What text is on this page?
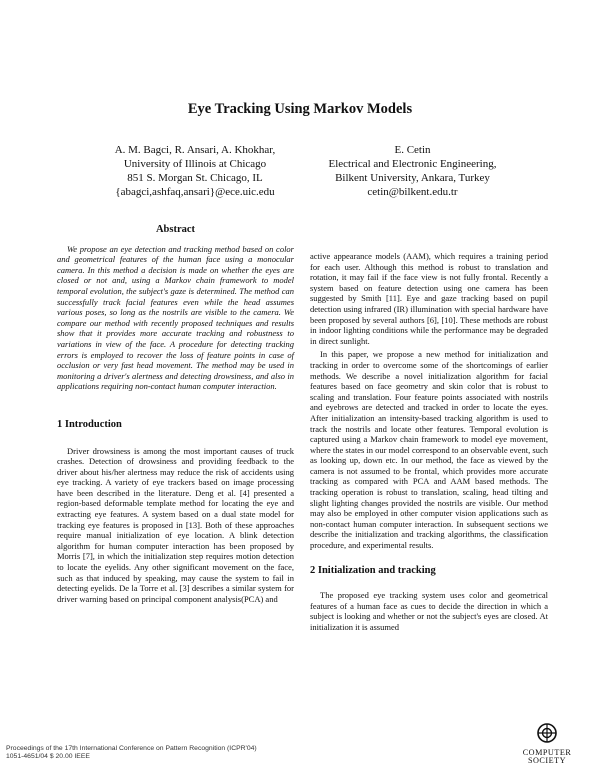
Eye Tracking Using Markov Models
A. M. Bagci, R. Ansari, A. Khokhar,
University of Illinois at Chicago
851 S. Morgan St. Chicago, IL
{abagci,ashfaq,ansari}@ece.uic.edu
E. Cetin
Electrical and Electronic Engineering,
Bilkent University, Ankara, Turkey
cetin@bilkent.edu.tr
Abstract

We propose an eye detection and tracking method based on color and geometrical features of the human face using a monocular camera. In this method a decision is made on whether the eyes are closed or not and, using a Markov chain framework to model temporal evolution, the subject's gaze is determined. The method can successfully track facial features even while the head assumes various poses, so long as the nostrils are visible to the camera. We compare our method with recently proposed techniques and results show that it provides more accurate tracking and robustness to variations in view of the face. A procedure for detecting tracking errors is employed to recover the loss of feature points in case of occlusion or very fast head movement. The method may be used in monitoring a driver's alertness and detecting drowsiness, and also in applications requiring non-contact human computer interaction.

1 Introduction

Driver drowsiness is among the most important causes of truck crashes. Detection of drowsiness and providing feedback to the driver about his/her alertness may reduce the risk of accidents using eye tracking. A variety of eye trackers based on image processing have been described in the literature. Deng et al. [4] presented a region-based deformable template method for locating the eye and extracting eye features. A system based on a dual state model for tracking eye features is proposed in [13]. Both of these approaches require manual initialization of eye location. A blink detection algorithm for human computer interaction has been proposed by Morris [7], in which the initialization step requires motion detection to locate the eyelids. Any other significant movement on the face, such as that induced by speaking, may cause the system to fail in detecting eyelids. De la Torre et al. [3] describes a similar system for driver warning based on principal component analysis(PCA) and

active appearance models (AAM), which requires a training period for each user. Although this method is robust to translation and rotation, it may fail if the face view is not fully frontal. Recently a system based on feature detection using one camera has been suggested by Smith [11]. Eye and gaze tracking based on pupil detection using infrared (IR) illumination with special hardware have been proposed by several authors [6], [10]. These methods are robust in indoor lighting conditions while the performance may be degraded in direct sunlight.

In this paper, we propose a new method for initialization and tracking in order to overcome some of the shortcomings of earlier methods. We describe a novel initialization algorithm for facial features based on face geometry and skin color that is robust to scaling and translation. Four feature points associated with nostrils and eyebrows are detected and tracked in order to locate the eyes. After initialization an intensity-based tracking algorithm is used to track the nostrils and locate other features. Temporal evolution is captured using a Markov chain framework to model eye movement, where the states in our model correspond to an observable event, such as looking up, down etc. In our method, the face as viewed by the camera is not assumed to be frontal, which provides more accurate tracking as compared with PCA and AAM based methods. The tracking operation is robust to translation, scaling, head tilting and slight lighting changes provided the nostrils are visible. Our method may also be employed in other computer vision applications such as non-contact human computer interaction. In subsequent sections we describe the initialization and tracking algorithms, the classification procedure, and experimental results.

2 Initialization and tracking

The proposed eye tracking system uses color and geometrical features of a human face as cues to decide the direction in which a subject is looking and whether or not the subject's eyes are closed. At initialization it is assumed

Proceedings of the 17th International Conference on Pattern Recognition (ICPR'04)
1051-4651/04 $ 20.00 IEEE	COMPUTER
SOCIETY
